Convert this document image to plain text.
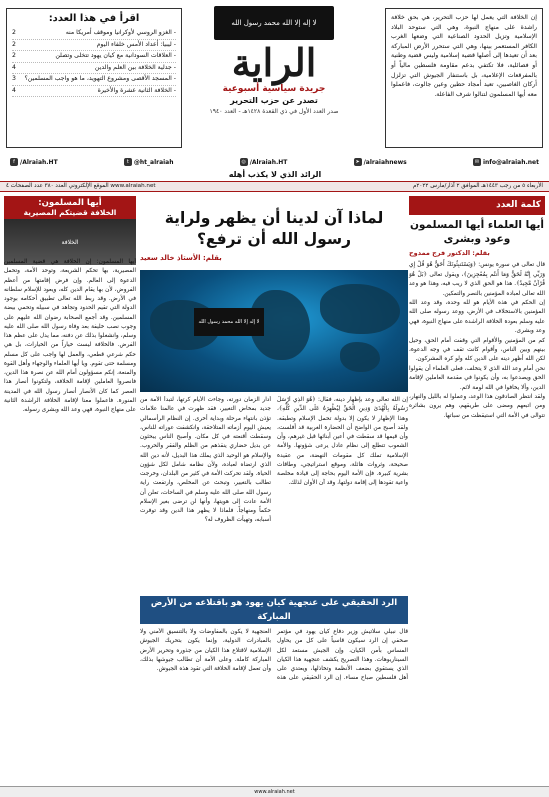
إن الخلافة التي يعمل لها حزب التحرير، هي بحق خلافة راشدة على منهاج النبوة، وهي التي ستوحد البلاد الإسلامية وتزيل الحدود الصناعية التي وضعها الغرب الكافر المستعمر بينها، وهي التي ستحرر الأرض المباركة بعد أن تعيدها إلى أصلها قضية إسلامية وليس قضية وطنية أو فصائلية، فلا تكتفي بدعم مقاومة فلسطين مالياً أو بالمفرقعات الإعلامية، بل باستنفار الجيوش التي تزلزل أركان الغاصبين، تعيد أمجاد حطين وعين جالوت، فاعملوا معه أيها المسلمون لتنالوا شرف الفاعلة.

لا إله إلا الله محمد رسول الله
الراية
جريدة سياسية أسبوعية
تصدر عن حزب التحرير
صدر العدد الأول في ذي القعدة ١٤٢٨هـ - العدد ١٩٤٠
اقرأ في هذا العدد:
- الغزو الروسي لأوكرانيا وموقف أمريكا منه
2
- ليبيا: أعداد الأمس خلفاء اليوم
2
- العلاقات السودانية مع كيان يهود تتخلى وتصلن
2
- جدلية الخلافة بين العلم والدين
4
- المسجد الأقصى ومشروع التهويد، ما هو واجب المسلمين؟
3
- الخلافة الثانية عشرة والأخيرة
4
f /Alraiah.HT	t @ht_alraiah	◎ /Alraiah.HT	➤ /alraiahnews	✉ info@alraiah.net
الرائد الذي لا يكذب أهله
الأربعاء ٥ من رجب ١٤٤٣هـ الموافق ٢ آذار/مارس ٢٠٢٢م
www.alraiah.net الموقع الإلكتروني العدد ٣٨٠ عدد الصفحات ٤
كلمة العدد
أيها العلماء أيها المسلمون وعود وبشرى
بقلم: الدكتور فرج ممدوح

قال تعالى في سورة يونس: ﴿وَيَسْتَنبِئُونَكَ أَحَقٌّ هُوَ قُلْ إِي وَرَبِّي إِنَّهُ لَحَقٌّ وَمَا أَنتُم بِمُعْجِزِينَ﴾، ويقول تعالى ﴿بَلْ هُوَ قُرْآنٌ مَّجِيدٌ﴾. هذا هو الحق الذي لا ريب فيه، وهذا هو وعد الله تعالى لعباده المؤمنين بالنصر والتمكين.

إن الحكم في هذه الأيام هو لله وحده، وقد وعد الله المؤمنين بالاستخلاف في الأرض، ووعد رسوله صلى الله عليه وسلم بعودة الخلافة الراشدة على منهاج النبوة، فهي وعد وبشرى.

كم من المؤمنين والأقوام التي وقفت أمام الحق، وحيل بينهم وبين الناس، وأقوام كانت تقف في وجه الدعوة، لكن الله أظهر دينه على الدين كله ولو كره المشركون.

نحن أمام وعد الله الذي لا يتخلف، فعلى العلماء أن يقولوا الحق ويصدعوا به، وأن يكونوا في مقدمة العاملين لإقامة الدين، وألا يخافوا في الله لومة لائم.

ولقد انتظر الصادقون هذا الوعد، وعملوا له بالليل والنهار، ومن اتبعهم ومضى على طريقهم، وهم يرون بشائره تتوالى في الأمة التي استيقظت من سباتها.

أيها المسلمون:
الخلافة قضيتكم المصيرية
الخلافة
لماذا آن لدينا أن يظهر ولراية رسول الله أن ترفع؟
بقلم: الأستاذ خالد سعيد
لا إله إلا الله محمد رسول الله
أيها المسلمون: إن الخلافة هي قضية المسلمين المصيرية، بها تحكم الشريعة، وتوحد الأمة، وتحمل الدعوة إلى العالم. وإن فرض إقامتها من أعظم الفروض، لأن بها يقام الدين كله، ويعود للإسلام سلطانه في الأرض. وقد ربط الله تعالى تطبيق أحكامه بوجود الدولة التي تقيم الحدود وتجاهد في سبيله وتحمي بيضة المسلمين. وقد أجمع الصحابة رضوان الله عليهم على وجوب نصب خليفة بعد وفاة رسول الله صلى الله عليه وسلم، وانشغلوا بذلك عن دفنه، مما يدل على عظم هذا الفرض. فالخلافة ليست خياراً من الخيارات، بل هي حكم شرعي قطعي، والعمل لها واجب على كل مسلم ومسلمة حتى تقوم. ويا أيها العلماء والوجهاء وأهل القوة والمنعة، إنكم مسؤولون أمام الله عن نصرة هذا الدين، فانصروا العاملين لإقامة الخلافة، ولتكونوا أنصار هذا العصر كما كان الأنصار أنصار رسول الله في المدينة المنورة. فاعملوا معنا لإقامة الخلافة الراشدة الثانية على منهاج النبوة، فهي وعد الله وبشرى رسوله.
أدار الزمان دورته، وجاءت الأيام كرتها، لتبدأ الأمة من جديد بمخاض التغيير، فقد ظهرت في عالمنا علامات تؤذن بانتهاء مرحلة وبداية أخرى. إن النظام الرأسمالي يعيش اليوم أزماته المتلاحقة، وانكشفت عوراته للناس، وسقطت أقنعته في كل مكان. وأصبح الناس يبحثون عن بديل حضاري ينقذهم من الظلم والفقر والحروب. والإسلام هو الوحيد الذي يملك هذا البديل، لأنه دين الله الذي ارتضاه لعباده، ولأن نظامه شامل لكل شؤون الحياة. ولقد تحركت الأمة في كثير من البلدان، وخرجت تطالب بالتغيير، وتبحث عن المخلص، وارتفعت راية رسول الله صلى الله عليه وسلم في الساحات، تعلن أن الأمة عادت إلى هويتها، وأنها لن ترضى بغير الإسلام حكماً ومنهاجاً. فلماذا لا يظهر هذا الدين وقد توفرت أسبابه، وتهيأت الظروف له؟
إن الله تعالى وعد بإظهار دينه، فقال: ﴿هُوَ الَّذِي أَرْسَلَ رَسُولَهُ بِالْهُدَىٰ وَدِينِ الْحَقِّ لِيُظْهِرَهُ عَلَى الدِّينِ كُلِّهِ﴾، وهذا الإظهار لا يكون إلا بدولة تحمل الإسلام وتطبقه. ولقد أصبح من الواضح أن الحضارة الغربية قد أفلست، وأن قيمها قد سقطت في أعين أبنائها قبل غيرهم، وأن الشعوب تتطلع إلى نظام عادل يرعى شؤونها. والأمة الإسلامية تملك كل مقومات النهضة، من عقيدة صحيحة، وثروات هائلة، وموقع استراتيجي، وطاقات بشرية كبيرة. فإن الأمة اليوم بحاجة إلى قيادة مخلصة واعية تقودها إلى إقامة دولتها، وقد آن الأوان لذلك.
الرد الحقيقي على عنجهية كيان يهود هو باقتلاعه من الأرض المباركة
قال نبيلي سلاتيش وزير دفاع كيان يهود في مؤتمر صحفي إن الرد سيكون قاسياً على كل من يحاول المساس بأمن الكيان، وإن الجيش مستعد لكل السيناريوهات. وهذا التصريح يكشف عنجهية هذا الكيان الذي يستقوي بضعف الأنظمة وتخاذلها، ويعتدي على أهل فلسطين صباح مساء. إن الرد الحقيقي على هذه العنجهية لا يكون بالمفاوضات ولا بالتنسيق الأمني ولا بالمبادرات الدولية، وإنما يكون بتحريك الجيوش الإسلامية لاقتلاع هذا الكيان من جذوره وتحرير الأرض المباركة كاملة. وعلى الأمة أن تطالب جيوشها بذلك، وأن تعمل لإقامة الخلافة التي تقود هذه الجيوش.
www.alraiah.net
